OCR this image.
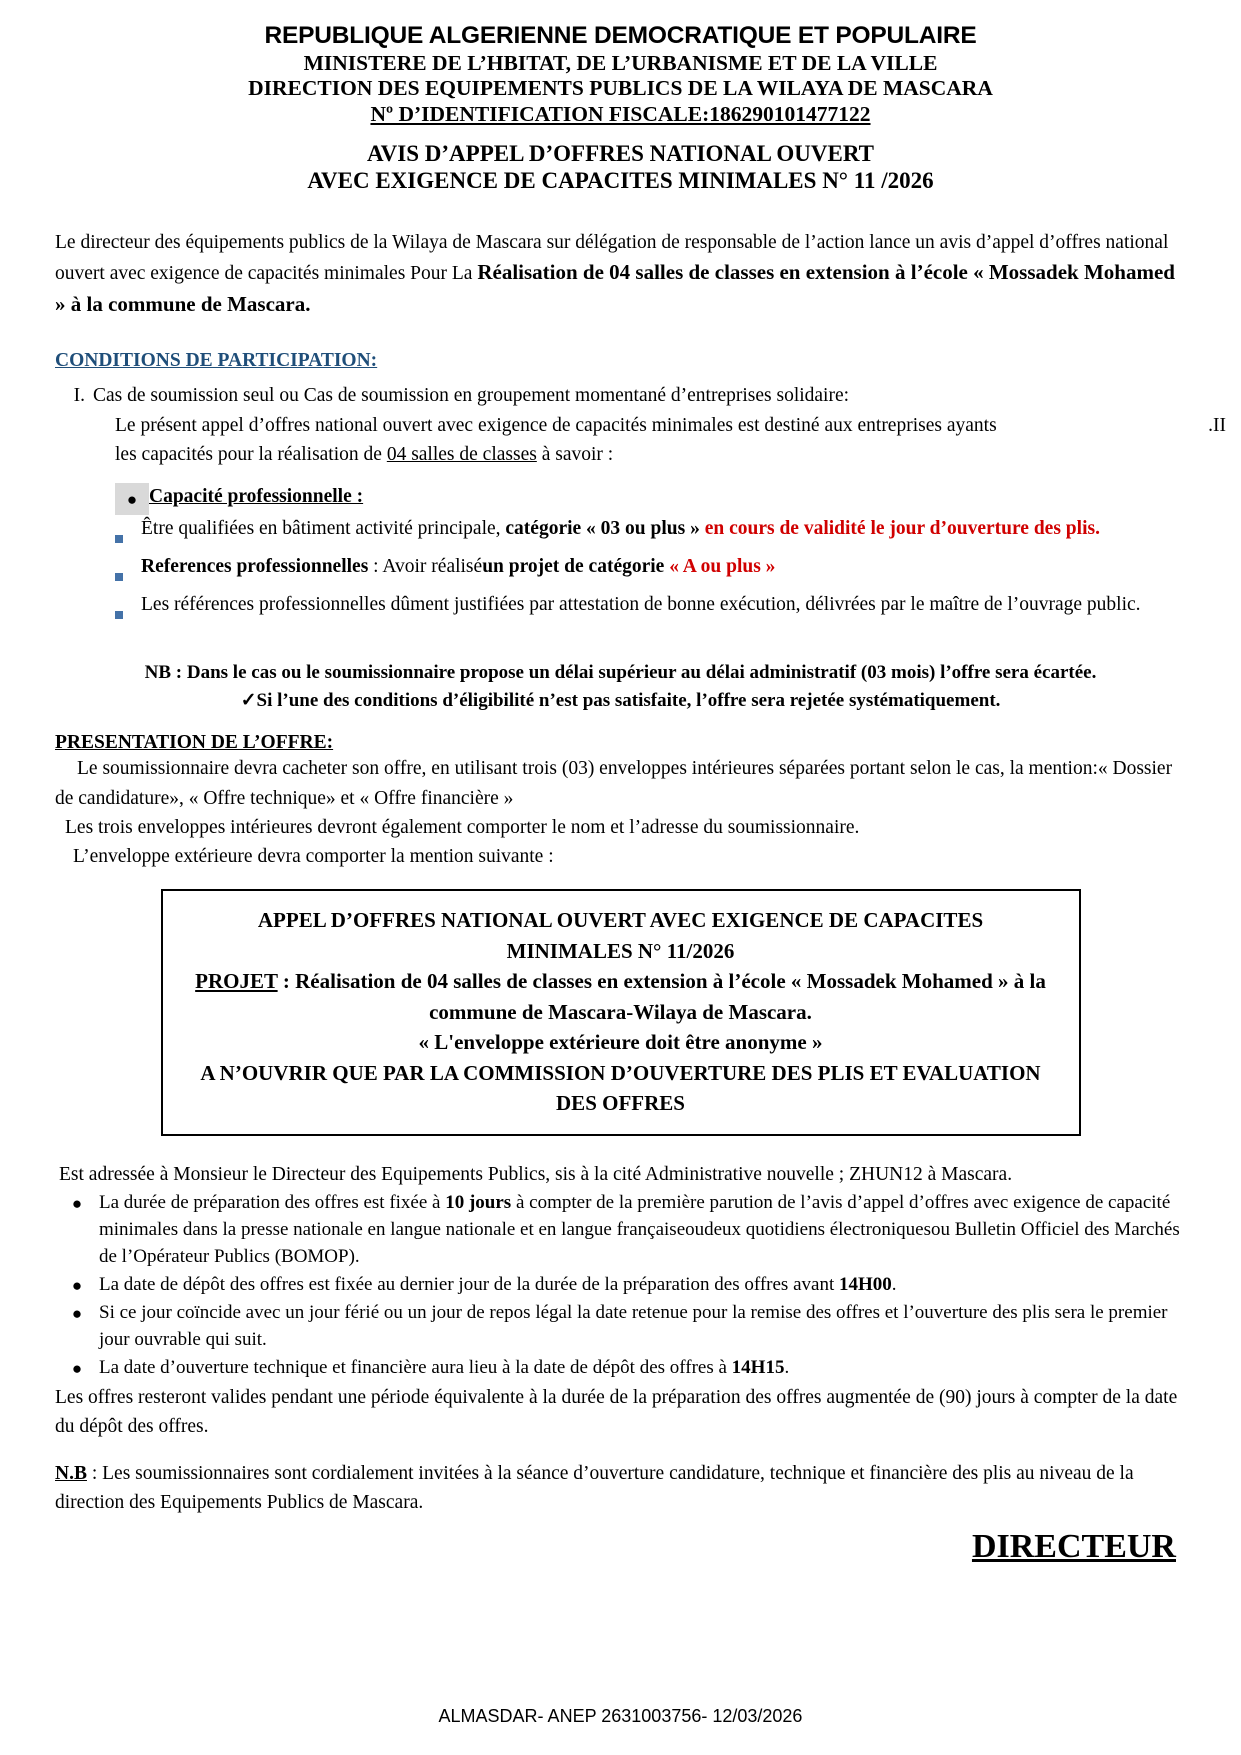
REPUBLIQUE ALGERIENNE DEMOCRATIQUE ET POPULAIRE
MINISTERE DE L’HBITAT, DE L’URBANISME ET DE LA VILLE
DIRECTION DES EQUIPEMENTS PUBLICS DE LA WILAYA DE MASCARA
Nº D’IDENTIFICATION FISCALE:186290101477122
AVIS D’APPEL D’OFFRES NATIONAL OUVERT
AVEC EXIGENCE DE CAPACITES MINIMALES N° 11 /2026
Le directeur des équipements publics de la Wilaya de Mascara sur délégation de responsable de l’action lance un avis d’appel d’offres national ouvert avec exigence de capacités minimales Pour La Réalisation de 04 salles de classes en extension à l’école « Mossadek Mohamed » à la commune de Mascara.
CONDITIONS DE PARTICIPATION:
I. Cas de soumission seul ou Cas de soumission en groupement momentané d’entreprises solidaire:
Le présent appel d’offres national ouvert avec exigence de capacités minimales est destiné aux entreprises ayants	.II

les capacités pour la réalisation de 04 salles de classes à savoir :
● Capacité professionnelle :
Être qualifiées en bâtiment activité principale, catégorie « 03 ou plus » en cours de validité le jour d’ouverture des plis.
References professionnelles : Avoir réaliséun projet de catégorie « A ou plus »
Les références professionnelles dûment justifiées par attestation de bonne exécution, délivrées par le maître de l’ouvrage public.
NB : Dans le cas ou le soumissionnaire propose un délai supérieur au délai administratif (03 mois) l’offre sera écartée.
✓Si l’une des conditions d’éligibilité n’est pas satisfaite, l’offre sera rejetée systématiquement.
PRESENTATION DE L’OFFRE:
Le soumissionnaire devra cacheter son offre, en utilisant trois (03) enveloppes intérieures séparées portant selon le cas, la mention:« Dossier de candidature», « Offre technique» et « Offre financière »
Les trois enveloppes intérieures devront également comporter le nom et l’adresse du soumissionnaire.
L’enveloppe extérieure devra comporter la mention suivante :
APPEL D’OFFRES NATIONAL OUVERT AVEC EXIGENCE DE CAPACITES
MINIMALES N° 11/2026
PROJET : Réalisation de 04 salles de classes en extension à l’école « Mossadek Mohamed » à la commune de Mascara-Wilaya de Mascara.
« L'enveloppe extérieure doit être anonyme »
A N’OUVRIR QUE PAR LA COMMISSION D’OUVERTURE DES PLIS ET EVALUATION DES OFFRES
Est adressée à Monsieur le Directeur des Equipements Publics, sis à la cité Administrative nouvelle ; ZHUN12 à Mascara.
● La durée de préparation des offres est fixée à 10 jours à compter de la première parution de l’avis d’appel d’offres avec exigence de capacité minimales dans la presse nationale en langue nationale et en langue françaiseoudeux quotidiens électroniquesou Bulletin Officiel des Marchés de l’Opérateur Publics (BOMOP).
● La date de dépôt des offres est fixée au dernier jour de la durée de la préparation des offres avant 14H00.
● Si ce jour coïncide avec un jour férié ou un jour de repos légal la date retenue pour la remise des offres et l’ouverture des plis sera le premier jour ouvrable qui suit.
● La date d’ouverture technique et financière aura lieu à la date de dépôt des offres à 14H15.
Les offres resteront valides pendant une période équivalente à la durée de la préparation des offres augmentée de (90) jours à compter de la date du dépôt des offres.
N.B : Les soumissionnaires sont cordialement invitées à la séance d’ouverture candidature, technique et financière des plis au niveau de la direction des Equipements Publics de Mascara.
DIRECTEUR
ALMASDAR- ANEP 2631003756- 12/03/2026
